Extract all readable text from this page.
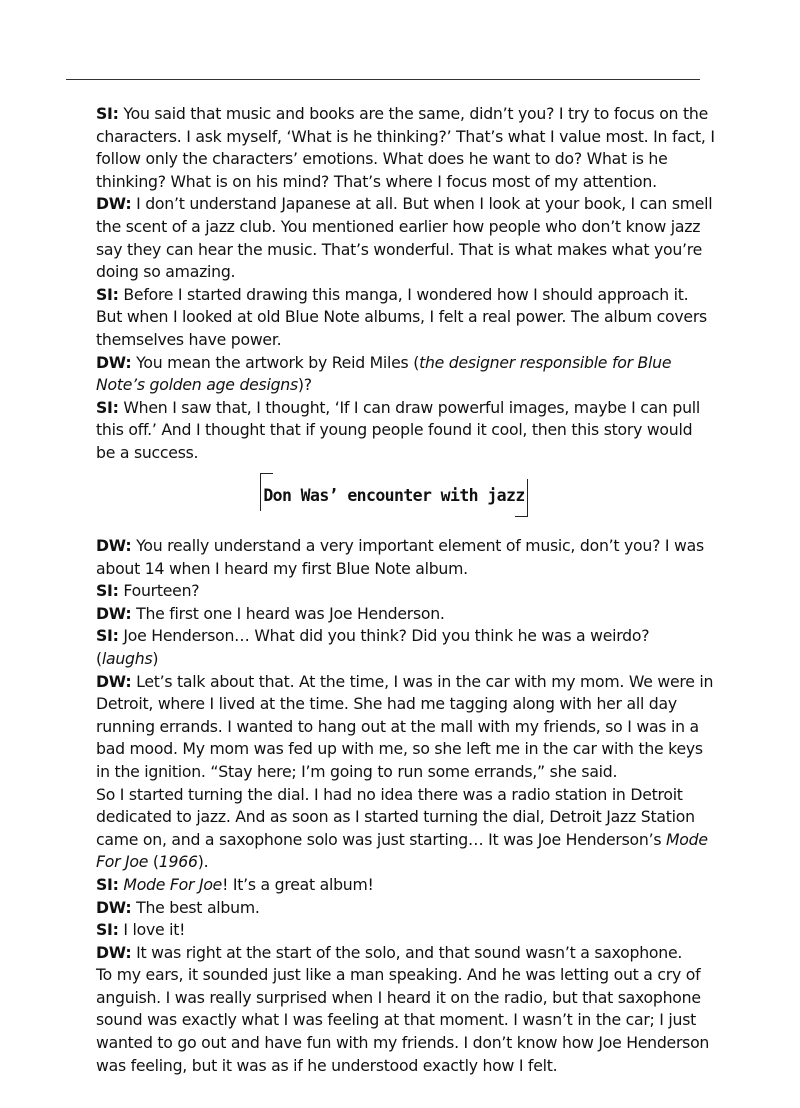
SI: You said that music and books are the same, didn’t you? I try to focus on the characters. I ask myself, ‘What is he thinking?’ That’s what I value most. In fact, I follow only the characters’ emotions. What does he want to do? What is he thinking? What is on his mind? That’s where I focus most of my attention.

DW: I don’t understand Japanese at all. But when I look at your book, I can smell the scent of a jazz club. You mentioned earlier how people who don’t know jazz say they can hear the music. That’s wonderful. That is what makes what you’re doing so amazing.

SI: Before I started drawing this manga, I wondered how I should approach it. But when I looked at old Blue Note albums, I felt a real power. The album covers themselves have power.

DW: You mean the artwork by Reid Miles (the designer responsible for Blue Note’s golden age designs)?

SI: When I saw that, I thought, ‘If I can draw powerful images, maybe I can pull this off.’ And I thought that if young people found it cool, then this story would be a success.

Don Was’ encounter with jazz

DW: You really understand a very important element of music, don’t you? I was about 14 when I heard my first Blue Note album.

SI: Fourteen?

DW: The first one I heard was Joe Henderson.

SI: Joe Henderson… What did you think? Did you think he was a weirdo? (laughs)

DW: Let’s talk about that. At the time, I was in the car with my mom. We were in Detroit, where I lived at the time. She had me tagging along with her all day running errands. I wanted to hang out at the mall with my friends, so I was in a bad mood. My mom was fed up with me, so she left me in the car with the keys in the ignition. “Stay here; I’m going to run some errands,” she said.

So I started turning the dial. I had no idea there was a radio station in Detroit dedicated to jazz. And as soon as I started turning the dial, Detroit Jazz Station came on, and a saxophone solo was just starting… It was Joe Henderson’s Mode For Joe (1966).

SI: Mode For Joe! It’s a great album!

DW: The best album.

SI: I love it!

DW: It was right at the start of the solo, and that sound wasn’t a saxophone.

To my ears, it sounded just like a man speaking. And he was letting out a cry of anguish. I was really surprised when I heard it on the radio, but that saxophone sound was exactly what I was feeling at that moment. I wasn’t in the car; I just wanted to go out and have fun with my friends. I don’t know how Joe Henderson was feeling, but it was as if he understood exactly how I felt.
